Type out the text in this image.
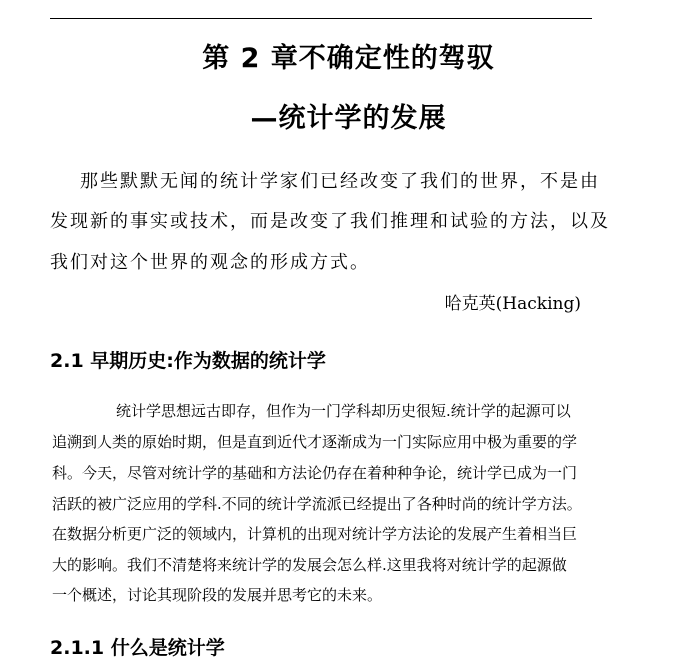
第 2 章不确定性的驾驭
—统计学的发展
那些默默无闻的统计学家们已经改变了我们的世界，不是由
发现新的事实或技术，而是改变了我们推理和试验的方法，以及
我们对这个世界的观念的形成方式。
哈克英(Hacking)
2.1 早期历史:作为数据的统计学
统计学思想远古即存，但作为一门学科却历史很短.统计学的起源可以
追溯到人类的原始时期，但是直到近代才逐渐成为一门实际应用中极为重要的学
科。今天，尽管对统计学的基础和方法论仍存在着种种争论，统计学已成为一门
活跃的被广泛应用的学科.不同的统计学流派已经提出了各种时尚的统计学方法。
在数据分析更广泛的领域内，计算机的出现对统计学方法论的发展产生着相当巨
大的影响。我们不清楚将来统计学的发展会怎么样.这里我将对统计学的起源做
一个概述，讨论其现阶段的发展并思考它的未来。
2.1.1 什么是统计学
